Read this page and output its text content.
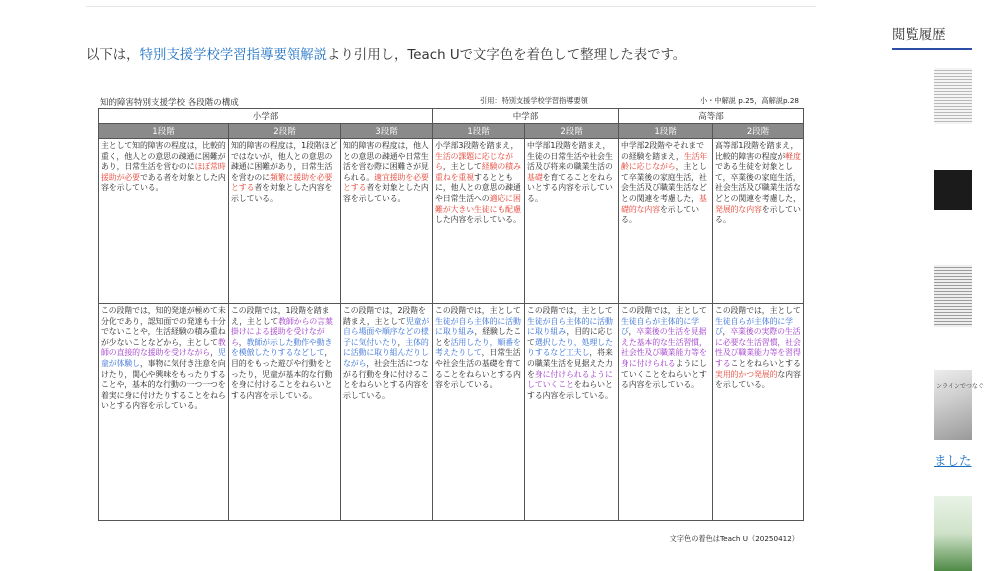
以下は，特別支援学校学習指導要領解説より引用し，Teach Uで文字色を着色して整理した表です。

知的障害特別支援学校 各段階の構成	引用：特別支援学校学習指導要領	小・中解説 p.25，高解説p.28
小学部			中学部		高等部	
1段階	2段階	3段階	1段階	2段階	1段階	2段階
主として知的障害の程度は，比較的重く，他人との意思の疎通に困難があり，日常生活を営むのにほぼ常時援助が必要である者を対象とした内容を示している。	知的障害の程度は，1段階ほどではないが，他人との意思の疎通に困難があり，日常生活を営むのに頻繁に援助を必要とする者を対象とした内容を示している。	知的障害の程度は，他人との意思の疎通や日常生活を営む際に困難さが見られる。適宜援助を必要とする者を対象とした内容を示している。	小学部3段階を踏まえ，生活の課題に応じながら，主として経験の積み重ねを重視するとともに，他人との意思の疎通や日常生活への適応に困難が大きい生徒にも配慮した内容を示している。	中学部1段階を踏まえ，生徒の日常生活や社会生活及び将来の職業生活の基礎を育てることをねらいとする内容を示している。	中学部2段階やそれまでの経験を踏まえ，生活年齢に応じながら，主として卒業後の家庭生活，社会生活及び職業生活などとの関連を考慮した，基礎的な内容を示している。	高等部1段階を踏まえ，比較的障害の程度が軽度である生徒を対象として，卒業後の家庭生活，社会生活及び職業生活などとの関連を考慮した，発展的な内容を示している。
この段階では，知的発達が極めて未分化であり，認知面での発達も十分でないことや，生活経験の積み重ねが少ないことなどから，主として教師の直接的な援助を受けながら，児童が体験し，事物に気付き注意を向けたり，関心や興味をもったりすることや，基本的な行動の一つ一つを着実に身に付けたりすることをねらいとする内容を示している。	この段階では，1段階を踏まえ，主として教師からの言葉掛けによる援助を受けながら，教師が示した動作や動きを模倣したりするなどして，目的をもった遊びや行動をとったり，児童が基本的な行動を身に付けることをねらいとする内容を示している。	この段階では，2段階を踏まえ，主として児童が自ら場面や順序などの様子に気付いたり，主体的に活動に取り組んだりしながら，社会生活につながる行動を身に付けることをねらいとする内容を示している。	この段階では，主として生徒が自ら主体的に活動に取り組み，経験したことを活用したり，順番を考えたりして，日常生活や社会生活の基礎を育てることをねらいとする内容を示している。	この段階では，主として生徒が自ら主体的に活動に取り組み，目的に応じて選択したり，処理したりするなど工夫し，将来の職業生活を見据えた力を身に付けられるようにしていくことをねらいとする内容を示している。	この段階では，主として生徒自らが主体的に学び，卒業後の生活を見据えた基本的な生活習慣，社会性及び職業能力等を身に付けられるようにしていくことをねらいとする内容を示している。	この段階では，主として生徒自らが主体的に学び，卒業後の実際の生活に必要な生活習慣，社会性及び職業能力等を習得することをねらいとする実用的かつ発展的な内容を示している。
文字色の着色はTeach U（20250412）
閲覧履歴
ンラインでつなぐ
ました
